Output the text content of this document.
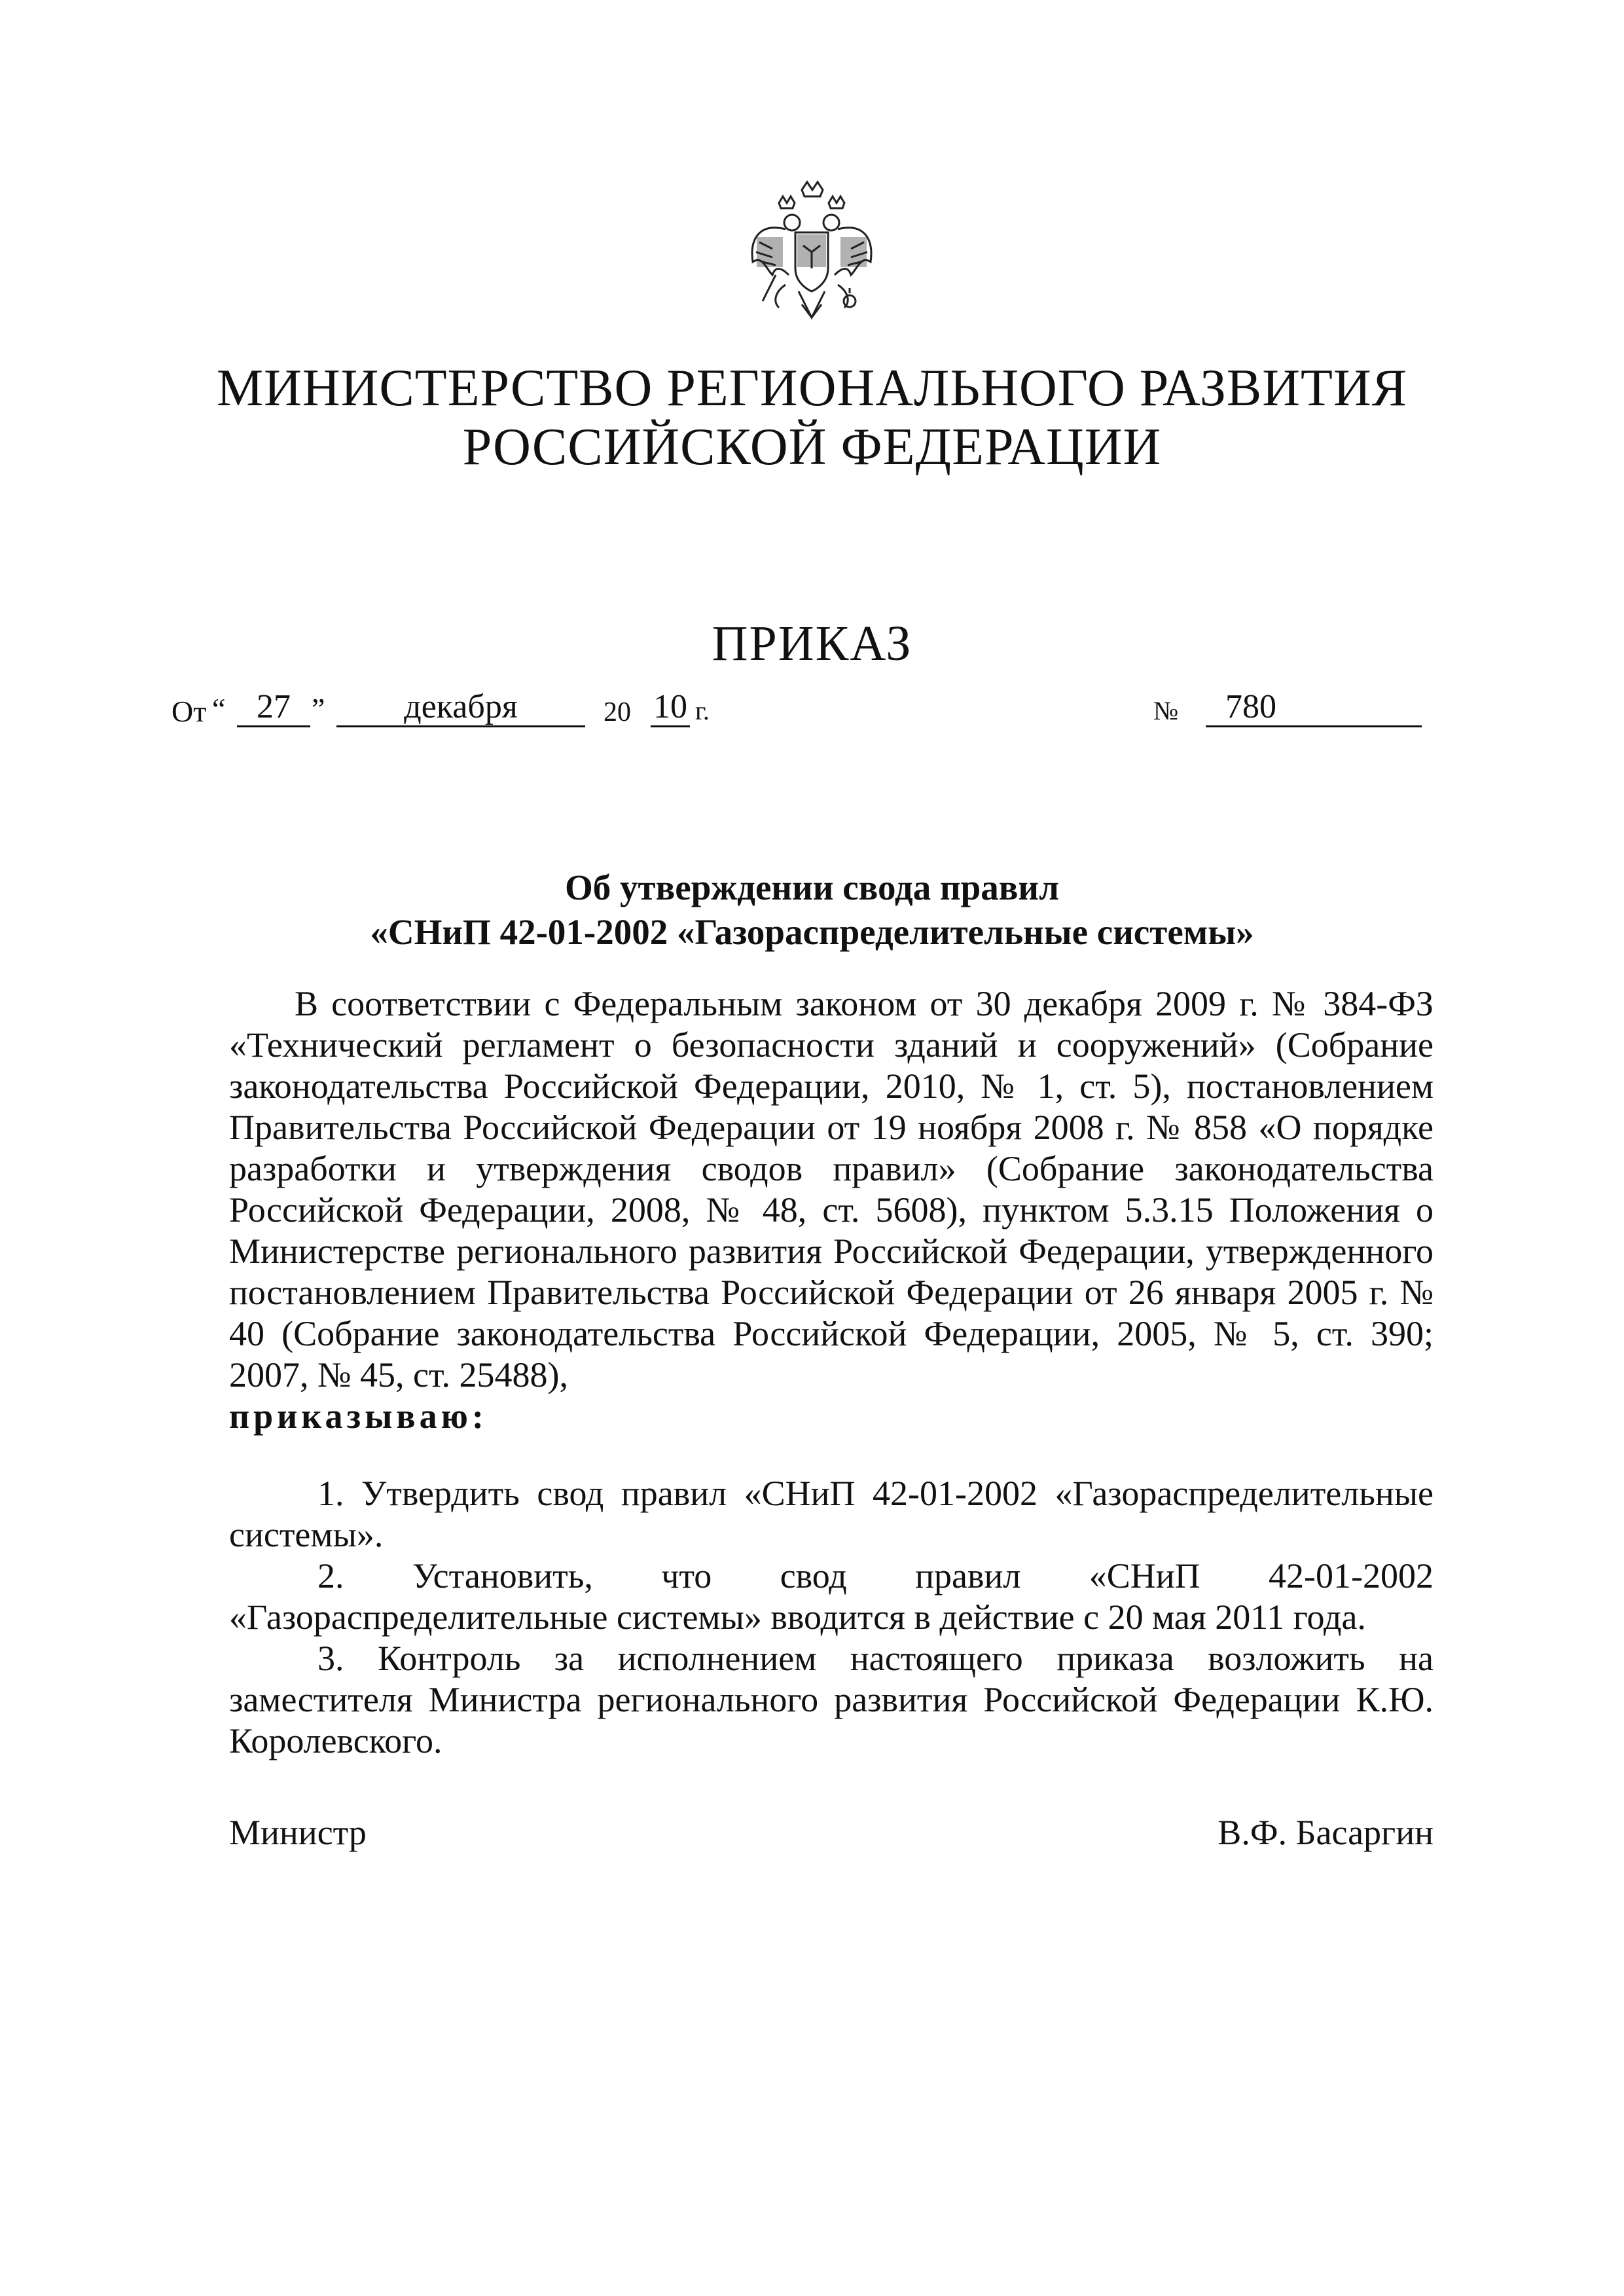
МИНИСТЕРСТВО РЕГИОНАЛЬНОГО РАЗВИТИЯ
РОССИЙСКОЙ ФЕДЕРАЦИИ
ПРИКАЗ
От “ 27 ”	декабря	20 10 г.	№	780
Об утверждении свода правил
«СНиП 42-01-2002 «Газораспределительные системы»
В соответствии с Федеральным законом от 30 декабря 2009 г. № 384-ФЗ «Технический регламент о безопасности зданий и сооружений» (Собрание законодательства Российской Федерации, 2010, № 1, ст. 5), постановлением Правительства Российской Федерации от 19 ноября 2008 г. № 858 «О порядке разработки и утверждения сводов правил» (Собрание законодательства Российской Федерации, 2008, № 48, ст. 5608), пунктом 5.3.15 Положения о Министерстве регионального развития Российской Федерации, утвержденного постановлением Правительства Российской Федерации от 26 января 2005 г. № 40 (Собрание законодательства Российской Федерации, 2005, № 5, ст. 390; 2007, № 45, ст. 25488),
приказываю:

1. Утвердить свод правил «СНиП 42-01-2002 «Газораспределительные системы».

2. Установить, что свод правил «СНиП 42-01-2002 «Газораспределительные системы» вводится в действие с 20 мая 2011 года.

3. Контроль за исполнением настоящего приказа возложить на заместителя Министра регионального развития Российской Федерации К.Ю. Королевского.

Министр	В.Ф. Басаргин
